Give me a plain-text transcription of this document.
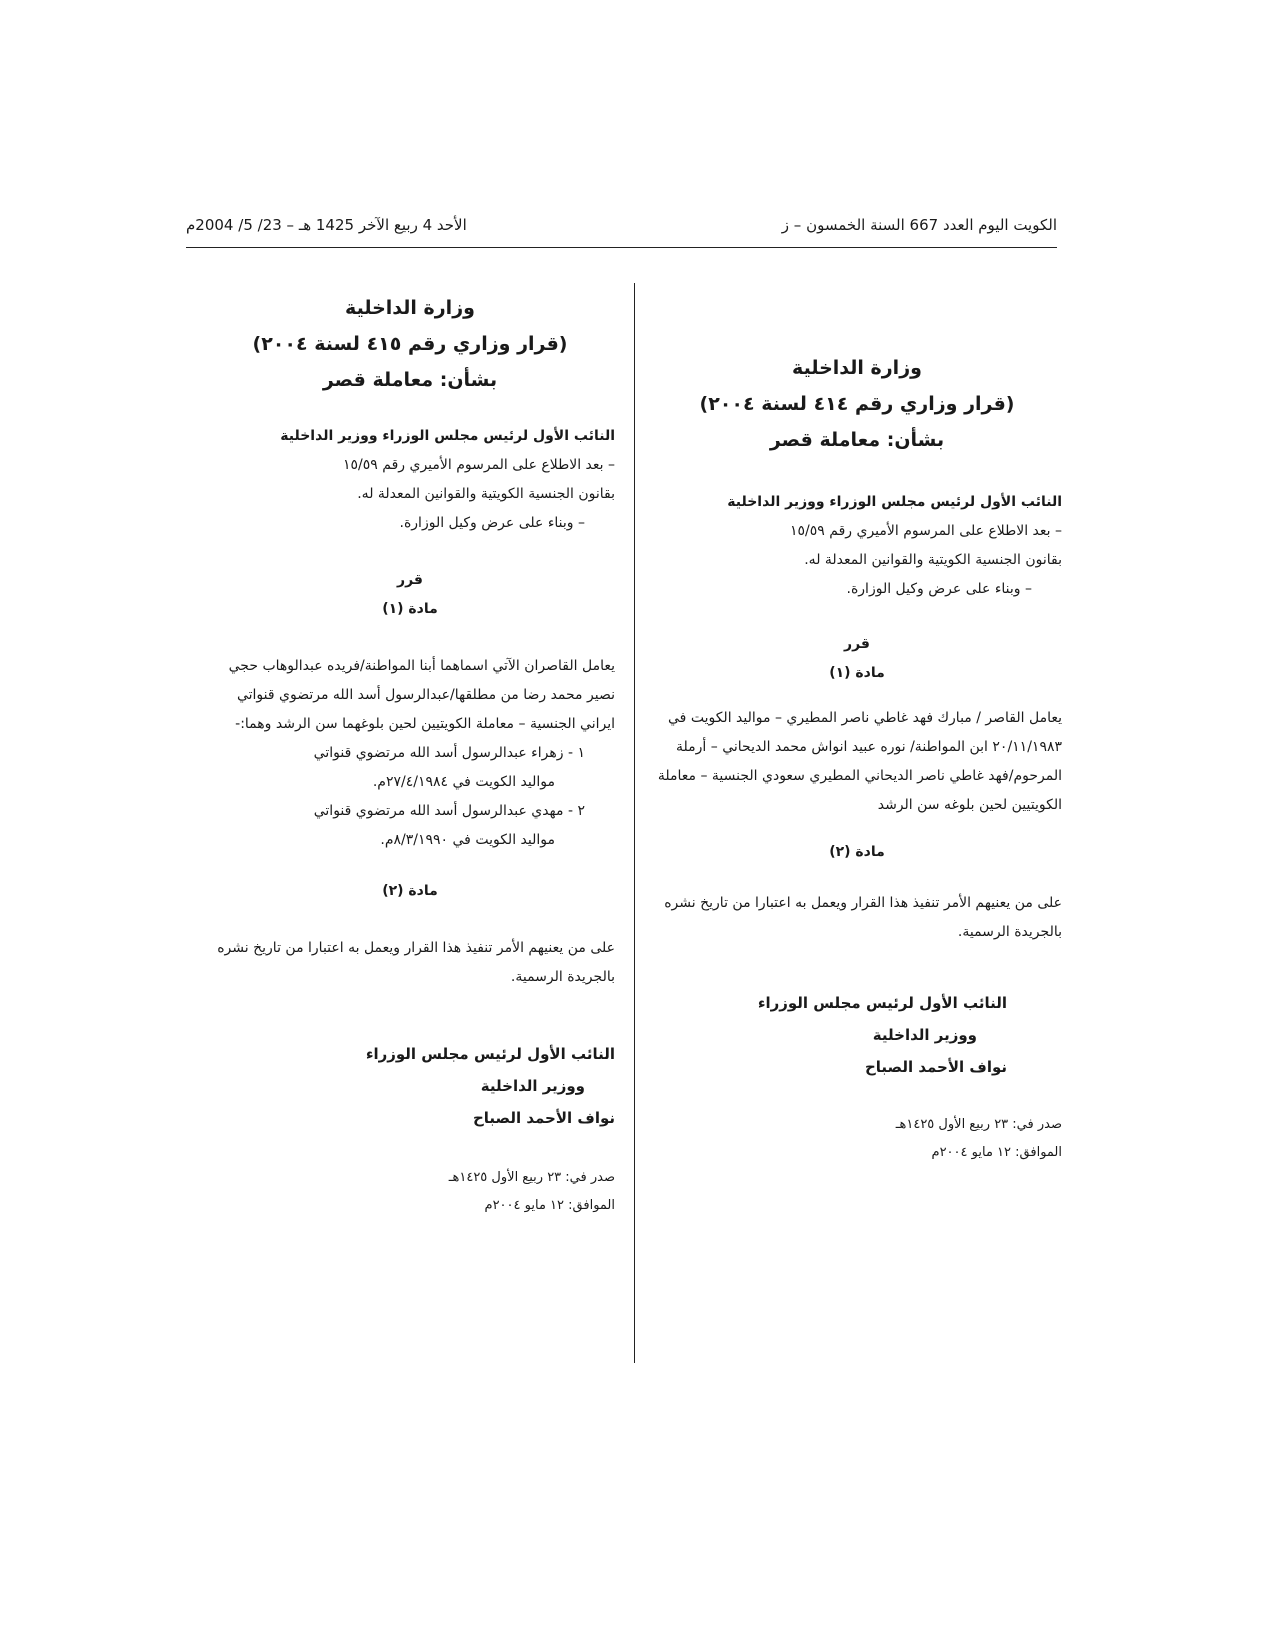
الكويت اليوم العدد 667 السنة الخمسون – ز
الأحد 4 ربيع الآخر 1425 هـ – 23/ 5/ 2004م

وزارة الداخلية

(قرار وزاري رقم ٤١٤ لسنة ٢٠٠٤)

بشأن: معاملة قصر

النائب الأول لرئيس مجلس الوزراء ووزير الداخلية

– بعد الاطلاع على المرسوم الأميري رقم ١٥/٥٩

بقانون الجنسية الكويتية والقوانين المعدلة له.

– وبناء على عرض وكيل الوزارة.

قرر

مادة (١)

يعامل القاصر / مبارك فهد غاطي ناصر المطيري – مواليد الكويت في ٢٠/١١/١٩٨٣ ابن المواطنة/ نوره عبيد انواش محمد الديحاني – أرملة المرحوم/فهد غاطي ناصر الديحاني المطيري سعودي الجنسية – معاملة الكويتيين لحين بلوغه سن الرشد

مادة (٢)

على من يعنيهم الأمر تنفيذ هذا القرار ويعمل به اعتبارا من تاريخ نشره بالجريدة الرسمية.

النائب الأول لرئيس مجلس الوزراء

ووزير الداخلية

نواف الأحمد الصباح

صدر في: ٢٣ ربيع الأول ١٤٢٥هـ

الموافق: ١٢ مايو ٢٠٠٤م

وزارة الداخلية

(قرار وزاري رقم ٤١٥ لسنة ٢٠٠٤)

بشأن: معاملة قصر

النائب الأول لرئيس مجلس الوزراء ووزير الداخلية

– بعد الاطلاع على المرسوم الأميري رقم ١٥/٥٩

بقانون الجنسية الكويتية والقوانين المعدلة له.

– وبناء على عرض وكيل الوزارة.

قرر

مادة (١)

يعامل القاصران الآتي اسماهما أبنا المواطنة/فريده عبدالوهاب حجي نصير محمد رضا من مطلقها/عبدالرسول أسد الله مرتضوي قنواتي ايراني الجنسية – معاملة الكويتيين لحين بلوغهما سن الرشد وهما:-

١ - زهراء عبدالرسول أسد الله مرتضوي قنواتي

مواليد الكويت في ٢٧/٤/١٩٨٤م.

٢ - مهدي عبدالرسول أسد الله مرتضوي قنواتي

مواليد الكويت في ٨/٣/١٩٩٠م.

مادة (٢)

على من يعنيهم الأمر تنفيذ هذا القرار ويعمل به اعتبارا من تاريخ نشره بالجريدة الرسمية.

النائب الأول لرئيس مجلس الوزراء

ووزير الداخلية

نواف الأحمد الصباح

صدر في: ٢٣ ربيع الأول ١٤٢٥هـ

الموافق: ١٢ مايو ٢٠٠٤م
